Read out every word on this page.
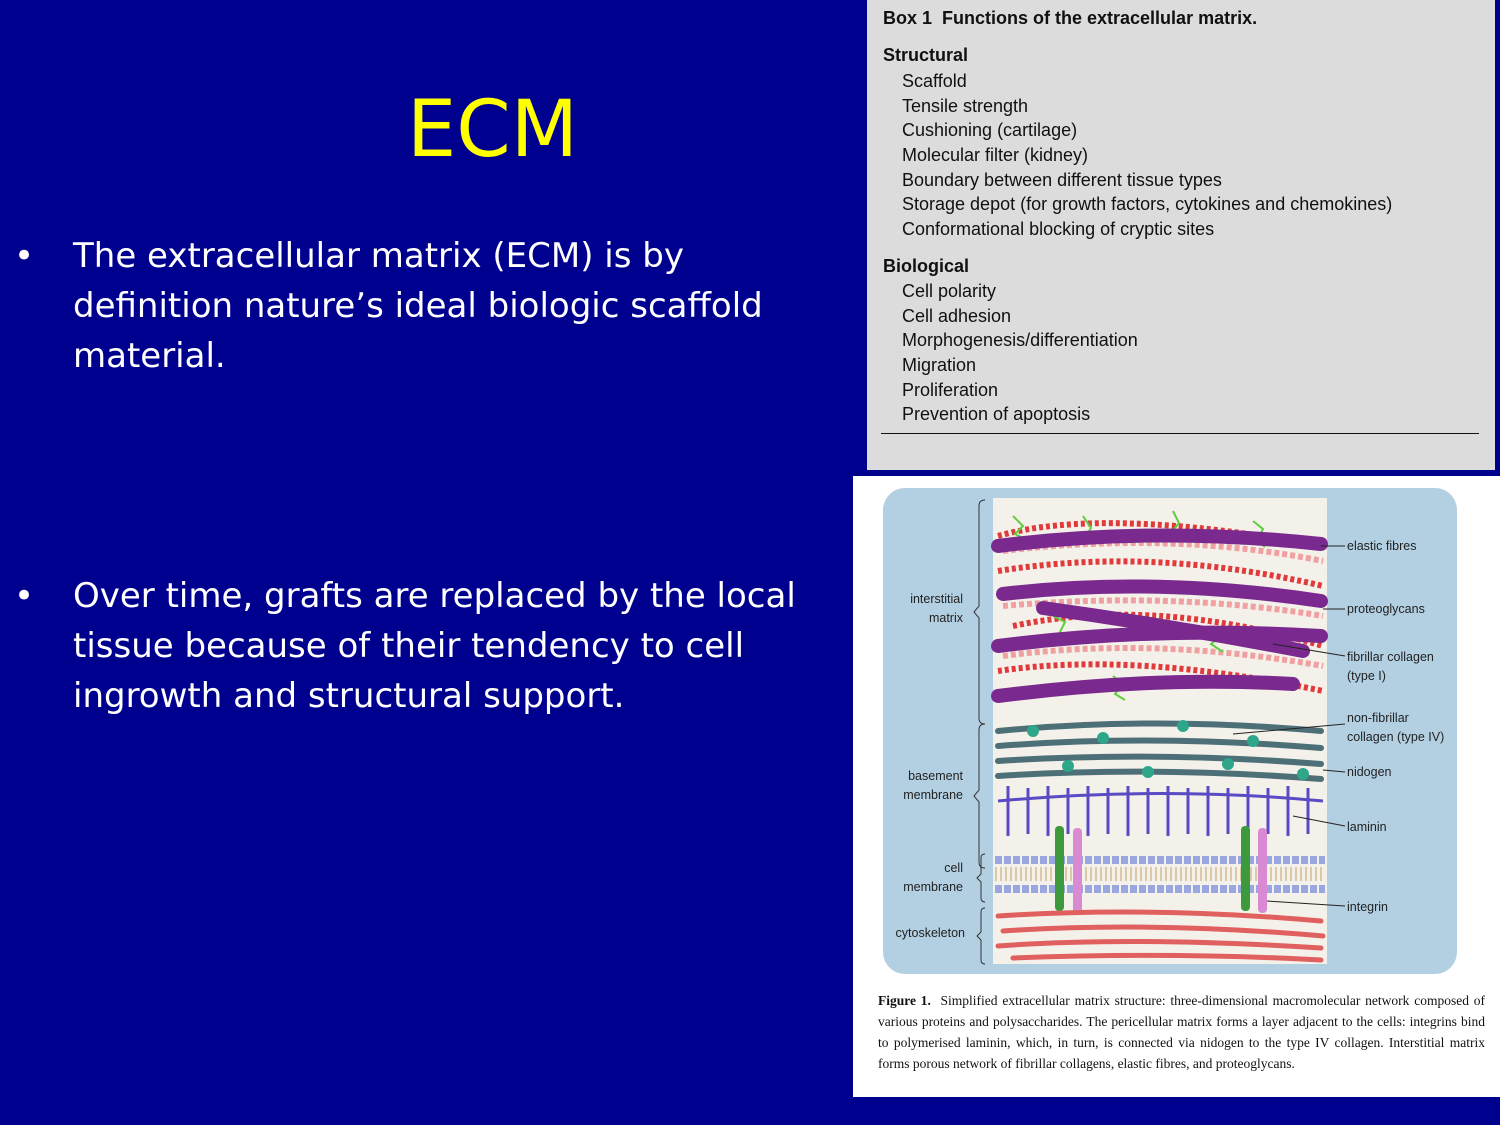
ECM
• The extracellular matrix (ECM) is by definition nature’s ideal biologic scaffold material.
• Over time, grafts are replaced by the local tissue because of their tendency to cell ingrowth and structural support.
Box 1  Functions of the extracellular matrix.
Structural
Scaffold
Tensile strength
Cushioning (cartilage)
Molecular filter (kidney)
Boundary between different tissue types
Storage depot (for growth factors, cytokines and chemokines)
Conformational blocking of cryptic sites
Biological
Cell polarity
Cell adhesion
Morphogenesis/differentiation
Migration
Proliferation
Prevention of apoptosis
interstitial
matrix
basement
membrane
cell
membrane
cytoskeleton
elastic fibres
proteoglycans
fibrillar collagen
(type I)
non-fibrillar
collagen (type IV)
nidogen
laminin
integrin
Figure 1. Simplified extracellular matrix structure: three-dimensional macromolecular network composed of various proteins and polysaccharides. The pericellular matrix forms a layer adjacent to the cells: integrins bind to polymerised laminin, which, in turn, is connected via nidogen to the type IV collagen. Interstitial matrix forms porous network of fibrillar collagens, elastic fibres, and proteoglycans.
